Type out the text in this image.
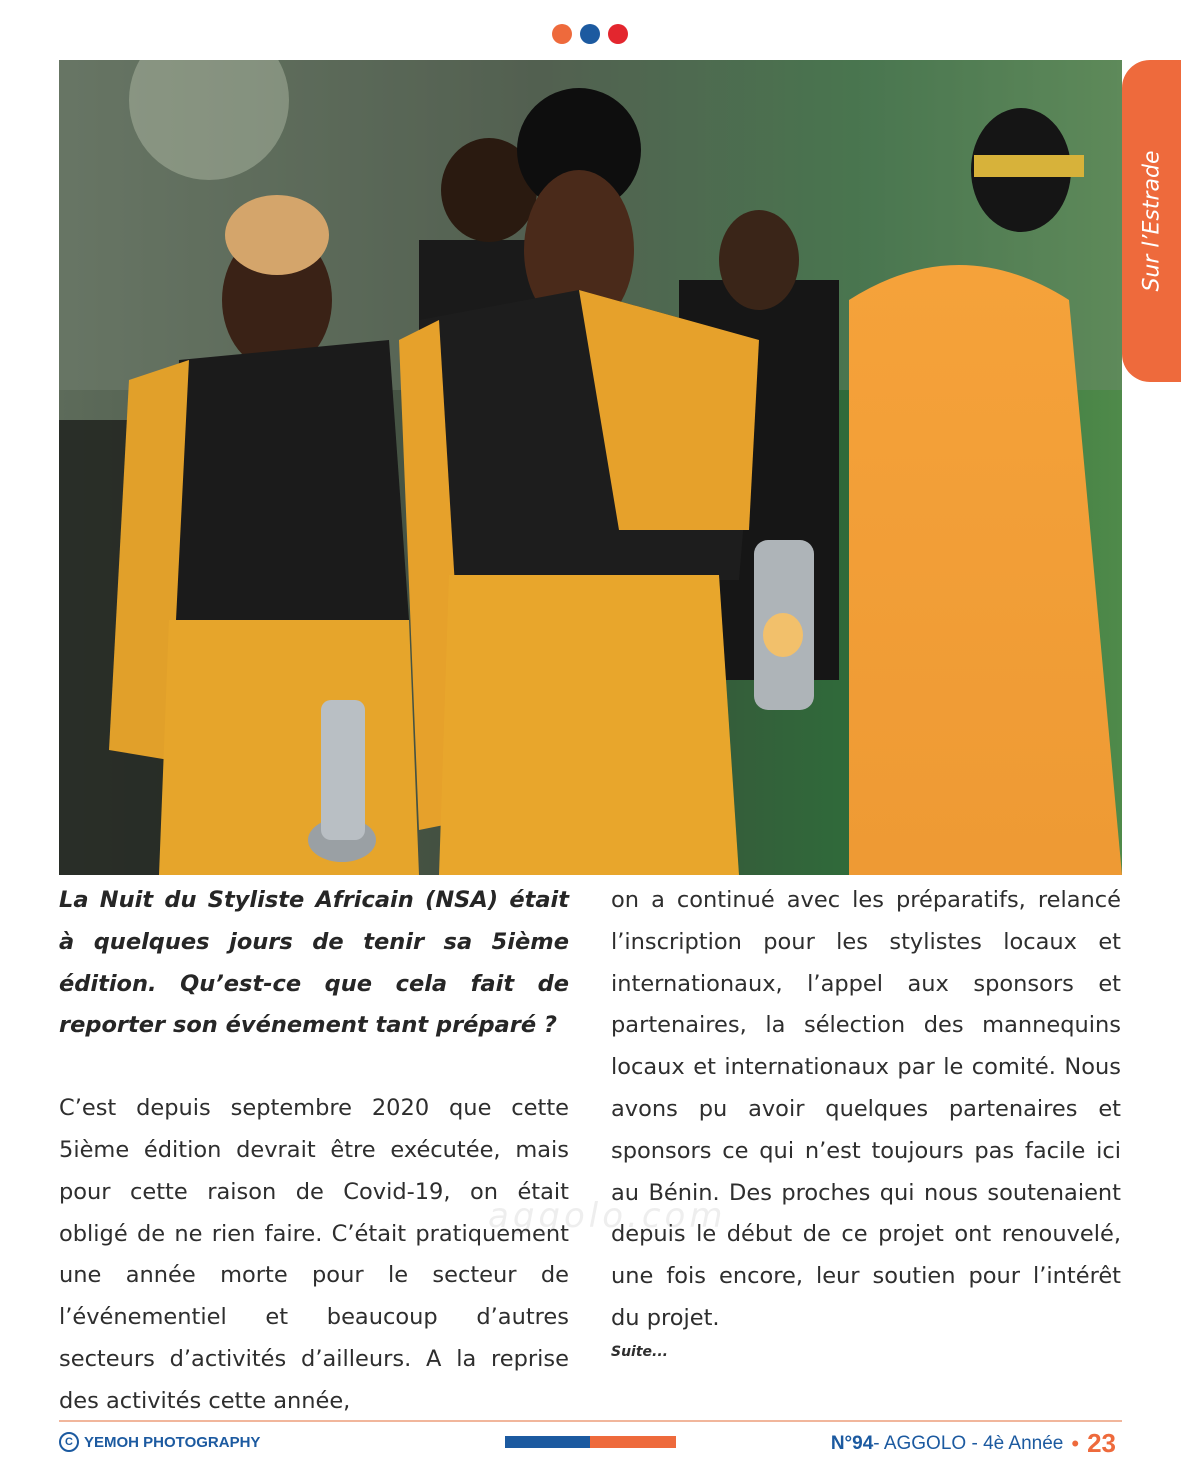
Sur l’Estrade

La Nuit du Styliste Africain (NSA) était à quelques jours de tenir sa 5ième édition. Qu’est-ce que cela fait de reporter son événement tant préparé ?

C’est depuis septembre 2020 que cette 5ième édition devrait être exécutée, mais pour cette raison de Covid-19, on était obligé de ne rien faire. C’était pratiquement une année morte pour le secteur de l’événementiel et beaucoup d’autres secteurs d’activités d’ailleurs. A la reprise des activités cette année,

on a continué avec les préparatifs, relancé l’inscription pour les stylistes locaux et internationaux, l’appel aux sponsors et partenaires, la sélection des mannequins locaux et internationaux par le comité. Nous avons pu avoir quelques partenaires et sponsors ce qui n’est toujours pas facile ici au Bénin. Des proches qui nous soutenaient depuis le début de ce projet ont renouvelé, une fois encore, leur soutien pour l’intérêt du projet.

Suite...

aggolo.com
C YEMOH PHOTOGRAPHY	N°94 - AGGOLO - 4è Année • 23
